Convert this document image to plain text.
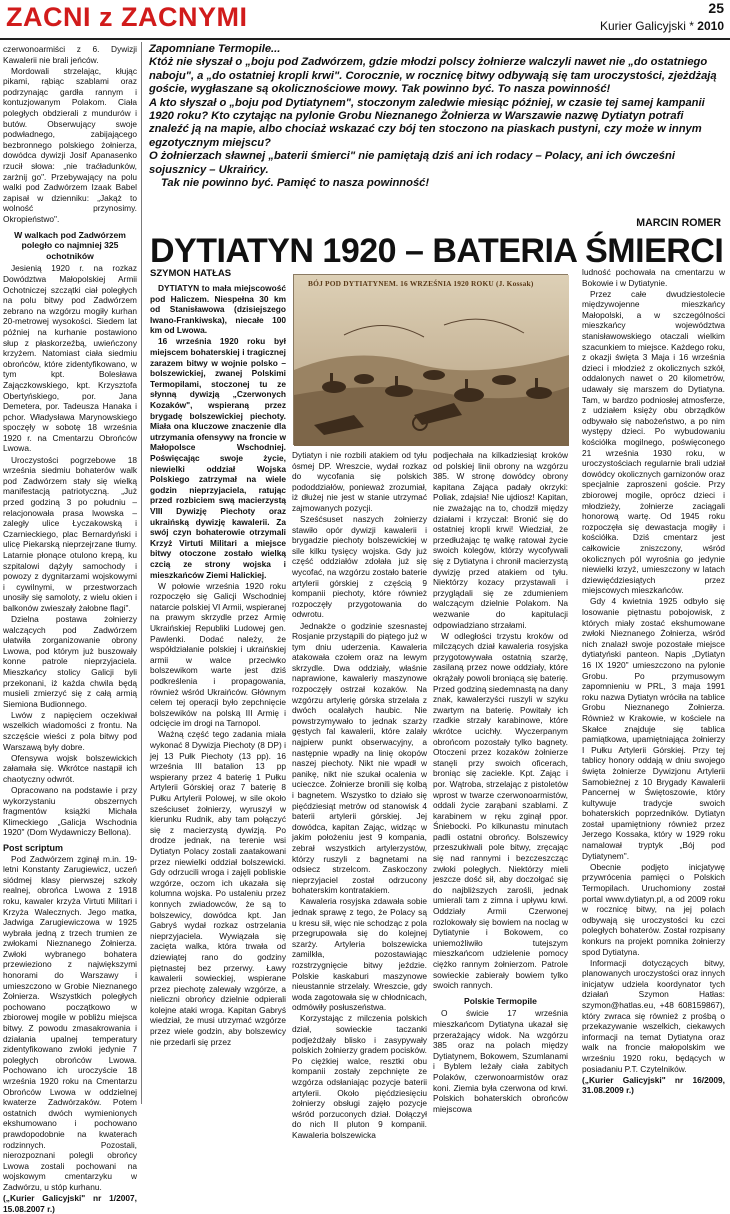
ZACNI z ZACNYMI	25
Kurier Galicyjski * 2010

czerwonoarmiści z 6. Dywizji Kawalerii nie brali jeńców.

Mordowali strzelając, kłując pikami, rąbiąc szablami oraz podrzynając gardła rannym i kontuzjowanym Polakom. Ciała poległych obdzierali z mundurów i butów. Obserwujący swoje podwładnego, zabijającego bezbronnego polskiego żołnierza, dowódca dywizji Josif Apanasenko rzucił słowa: „nie traćładunków, zarżnij go". Przebywający na polu walki pod Zadwórzem Izaak Babel zapisał w dzienniku: „Jakąż to wolność przynosimy. Okropieństwo".

W walkach pod Zadwórzem poległo co najmniej 325 ochotników

Jesienią 1920 r. na rozkaz Dowództwa Małopolskiej Armii Ochotniczej szczątki ciał poległych na polu bitwy pod Zadwórzem zebrano na wzgórzu mogiły kurhan 20-metrowej wysokości. Siedem lat później na kurhanie postawiono słup z płaskorzeźbą, uwieńczony krzyżem. Natomiast ciała siedmiu obrońców, które zidentyfikowano, w tym kpt. Bolesława Zajączkowskiego, kpt. Krzysztofa Obertyńskiego, por. Jana Demetera, por. Tadeusza Hanaka i pchor. Władysława Marynowskiego spoczęły w sobotę 18 września 1920 r. na Cmentarzu Obrońców Lwowa.

Uroczystości pogrzebowe 18 września siedmiu bohaterów walk pod Zadwórzem stały się wielką manifestacją patriotyczną. „Już przed godziną 3 po południu – relacjonowała prasa lwowska – zaległy ulice Łyczakowską i Czarnieckiego, plac Bernardyński i ulicę Piekarską nieprzejrzane tłumy. Latarnie płonące otulono krepą, ku szpitalowi dążyły samochody i powozy z dygnitarzami wojskowymi i cywilnymi, w przestworzach unosiły się samoloty, z wielu okien i balkonów zwieszały żałobne flagi".

Dzielna postawa żołnierzy walczących pod Zadwórzem ułatwiła zorganizowanie obrony Lwowa, pod którym już buszowały konne patrole nieprzyjaciela. Mieszkańcy stolicy Galicji byli przekonani, iż każda chwila będą musieli zmierzyć się z całą armią Siemiona Budionnego.

Lwów z napięciem oczekiwał wszelkich wiadomości z frontu. Na szczęście wieści z pola bitwy pod Warszawą były dobre.

Ofensywa wojsk bolszewickich załamała się. Wkrótce nastąpił ich chaotyczny odwrót.

Opracowano na podstawie i przy wykorzystaniu obszernych fragmentów książki Michała Klimeckiego „Galicja Wschodnia 1920" (Dom Wydawniczy Bellona).

Post scriptum

Pod Zadwórzem zginął m.in. 19-letni Konstanty Zarugiewicz, uczeń siódmej klasy pierwszej szkoły realnej, obrońca Lwowa z 1918 roku, kawaler krzyża Virtuti Militari i Krzyża Walecznych. Jego matka, Jadwiga Zarugiewiczowa w 1925 wybrała jedną z trzech trumien ze zwłokami Nieznanego Żołnierza. Zwłoki wybranego bohatera przewieziono z największymi honorami do Warszawy i umieszczono w Grobie Nieznanego Żołnierza. Wszystkich poległych pochowano początkowo w zbiorowej mogile w pobliżu miejsca bitwy. Z powodu zmasakrowania i działania upalnej temperatury zidentyfikowano zwłoki jedynie 7 poległych obrońców Lwowa. Pochowano ich uroczyście 18 września 1920 roku na Cmentarzu Obrońców Lwowa w oddzielnej kwaterze Zadwórzaków. Potem ostatnich dwóch wymienionych ekshumowano i pochowano prawdopodobnie na kwaterach rodzinnych. Pozostali, nierozpoznani polegli obrońcy Lwowa zostali pochowani na wojskowym cmentarzyku w Zadwórzu, u stóp kurhanu.

(„Kurier Galicyjski" nr 1/2007, 15.08.2007 r.)

Zapomniane Termopile...

Któż nie słyszał o „boju pod Zadwórzem, gdzie młodzi polscy żołnierze walczyli nawet nie „do ostatniego naboju", a „do ostatniej kropli krwi". Corocznie, w rocznicę bitwy odbywają się tam uroczystości, zjeżdżają goście, wygłaszane są okolicznościowe mowy. Tak powinno być. To nasza powinność!

A kto słyszał o „boju pod Dytiatynem", stoczonym zaledwie miesiąc później, w czasie tej samej kampanii 1920 roku? Kto czytając na pylonie Grobu Nieznanego Żołnierza w Warszawie nazwę Dytiatyn potrafi znaleźć ją na mapie, albo chociaż wskazać czy bój ten stoczono na piaskach pustyni, czy może w innym egzotycznym miejscu?

O żołnierzach sławnej „baterii śmierci" nie pamiętają dziś ani ich rodacy – Polacy, ani ich ówcześni sojusznicy – Ukraińcy.

Tak nie powinno być. Pamięć to nasza powinność!

MARCIN ROMER
DYTIATYN 1920 – BATERIA ŚMIERCI
SZYMON HATŁAS

DYTIATYN to mała miejscowość pod Haliczem. Niespełna 30 km od Stanisławowa (dzisiejszego Iwano-Frankiwska), niecałe 100 km od Lwowa.

16 września 1920 roku był miejscem bohaterskiej i tragicznej zarazem bitwy w wojnie polsko – bolszewickiej, zwanej Polskimi Termopilami, stoczonej tu ze słynną dywizją „Czerwonych Kozaków", wspieraną przez brygadę bolszewickiej piechoty. Miała ona kluczowe znaczenie dla utrzymania ofensywy na froncie w Małopolsce Wschodniej. Poświęcając swoje życie, niewielki oddział Wojska Polskiego zatrzymał na wiele godzin nieprzyjaciela, ratując przed rozbiciem swą macierzystą VIII Dywizję Piechoty oraz ukraińską dywizję kawalerii. Za swój czyn bohaterowie otrzymali Krzyż Virtuti Militari a miejsce bitwy otoczone zostało wielką czcią ze strony wojska i mieszkańców Ziemi Halickiej.

W połowie września 1920 roku rozpoczęło się Galicji Wschodniej natarcie polskiej VI Armii, wspieranej na prawym skrzydle przez Armię Ukraińskiej Republiki Ludowej gen. Pawlenki. Dodać należy, że współdziałanie polskiej i ukraińskiej armii w walce przeciwko bolszewikom warte jest dziś podkreślenia i propagowania, również wśród Ukraińców. Głównym celem tej operacji było zepchnięcie bolszewików na polską III Armię i odcięcie im drogi na Tarnopol.

Ważną część tego zadania miała wykonać 8 Dywizja Piechoty (8 DP) i jej 13 Pułk Piechoty (13 pp). 16 września III batalion 13 pp wspierany przez 4 baterię 1 Pułku Artylerii Górskiej oraz 7 baterię 8 Pułku Artylerii Polowej, w sile około sześciuset żołnierzy, wyruszył w kierunku Rudnik, aby tam połączyć się z macierzystą dywizją. Po drodze jednak, na terenie wsi Dytiatyn Polacy zostali zaatakowani przez niewielki oddział bolszewicki. Gdy odrzucili wroga i zajęli pobliskie wzgórze, oczom ich ukazała się kolumna wojska. Po ustaleniu przez konnych zwiadowców, że są to bolszewicy, dowódca kpt. Jan Gabryś wydał rozkaz ostrzelania nieprzyjaciela. Wywiązała się zacięta walka, która trwała od dziewiątej rano do godziny piętnastej bez przerwy. Ławy kawalerii sowieckiej, wspierane przez piechotę zalewały wzgórze, a nieliczni obrońcy dzielnie odpierali kolejne ataki wroga. Kapitan Gabryś wiedział, że musi utrzymać wzgórze przez wiele godzin, aby bolszewicy nie przedarli się przez

BÓJ POD DYTIATYNEM. 16 WRZEŚNIA 1920 ROKU (J. Kossak)

Dytiatyn i nie rozbili atakiem od tyłu ósmej DP. Wreszcie, wydał rozkaz do wycofania się polskich pododdziałów, ponieważ zrozumiał, iż dłużej nie jest w stanie utrzymać zajmowanych pozycji.

Sześćsuset naszych żołnierzy stawiło opór dywizji kawalerii i brygadzie piechoty bolszewickiej w sile kilku tysięcy wojska. Gdy już część oddziałów zdołała już się wycofać, na wzgórzu zostało baterie artylerii górskiej z częścią 9 kompanii piechoty, które również rozpoczęły przygotowania do odwrotu.

Jednakże o godzinie szesnastej Rosjanie przystąpili do piątego już w tym dniu uderzenia. Kawaleria atakowała czołem oraz na lewym skrzydle. Dwa oddziały, właśnie naprawione, kawaleriy maszynowe rozpoczęły ostrzał kozaków. Na wzgórzu artylerię górska strzelała z dwóch ocalałych haubic. Nie powstrzymywało to jednak szarży gęstych fal kawalerii, które zalały najpierw punkt obserwacyjny, a następnie wpadły na linię okopów naszej piechoty. Nikt nie wpadł w panikę, nikt nie szukał ocalenia w ucieczce. Żołnierze bronili się kolbą i bagnetem. Wszystko to działo się pięćdziesiąt metrów od stanowisk 4 baterii artylerii górskiej. Jej dowódca, kapitan Zając, widząc w jakim położeniu jest 9 kompania, zebrał wszystkich artylerzystów, którzy ruszyli z bagnetami na odsiecz strzelcom. Zaskoczony nieprzyjaciel został odrzucony bohaterskim kontratakiem.

Kawaleria rosyjska zdawała sobie jednak sprawę z tego, że Polacy są u kresu sił, więc nie schodząc z pola przegrupowała się do kolejnej szarży. Artyleria bolszewicka zamilkła, pozostawiając rozstrzygnięcie bitwy jeździe. Polskie kaskaburi maszynowe nieustannie strzelały. Wreszcie, gdy woda zagotowała się w chłodnicach, odmówiły posłuszeństwa.

Korzystając z milczenia polskich dział, sowieckie taczanki podjeżdżały blisko i zasypywały polskich żołnierzy gradem pocisków. Po ciężkiej walce, resztki obu kompanii zostały zepchnięte ze wzgórza odsłaniając pozycje baterii artylerii. Około pięćdziesięciu żołnierzy obsługi zajęło pozycje wśród porzuconych dział. Dołączył do nich II pluton 9 kompanii. Kawaleria bolszewicka

podjechała na kilkadziesiąt kroków od polskiej linii obrony na wzgórzu 385. W stronę dowódcy obrony kapitana Zająca padały okrzyki: Poliak, zdajsia! Nie ujdiosz! Kapitan, nie zważając na to, chodził między działami i krzyczał: Bronić się do ostatniej kropli krwi! Wiedział, że przedłużając tę walkę ratował życie swoich kolegów, którzy wycofywali się z Dytiatyna i chronił macierzystą dywizję przed atakiem od tyłu. Niektórzy kozacy przystawali i przyglądali się ze zdumieniem walczącym dzielnie Polakom. Na wezwanie do kapitulacji odpowiadziano strzałami.

W odległości trzystu kroków od milczących dział kawaleria rosyjska przygotowywała ostatnią szarżę, zasilaną przez nowe oddziały, które okrążały powoli broniącą się baterię. Przed godziną siedemnastą na dany znak, kawalerzyści ruszyli w szyku zwartym na baterię. Powitały ich rzadkie strzały karabinowe, które wkrótce ucichły. Wyczerpanym obrońcom pozostały tylko bagnety. Otoczeni przez kozaków żołnierze stanęli przy swoich oficerach, broniąc się zaciekle. Kpt. Zając i por. Wątroba, strzelając z pistoletów wprost w twarze czerwonoarmistów, oddali życie zarąbani szablami. Z karabinem w ręku zginął ppor. Śniebocki. Po kilkunastu minutach padli ostatni obrońcy. Bolszewicy przeszukiwali pole bitwy, zręcając się nad rannymi i bezczeszcząc zwłoki poległych. Niektórzy mieli jeszcze dość sił, aby doczołgać się do najbliższych zarośli, jednak umierali tam z zimna i upływu krwi. Oddziały Armii Czerwonej rozlokowały się bowiem na noclag w Dytiatynie i Bokowem, co uniemożliwiło tutejszym mieszkańcom udzielenie pomocy ciężko rannym żołnierzom. Patrole sowieckie zabierały bowiem tylko swoich rannych.

Polskie Termopile

O świcie 17 września mieszkańcom Dytiatyna ukazał się przerażający widok. Na wzgórzu 385 oraz na polach między Dytiatynem, Bokowem, Szumlanami i Byblem leżały ciała zabitych Polaków, czerwonoarmistów oraz koni. Ziemia była czerwona od krwi. Polskich bohaterskich obrońców miejscowa

ludność pochowała na cmentarzu w Bokowie i w Dytiatynie.

Przez całe dwudziestolecie międzywojenne mieszkańcy Małopolski, a w szczególności mieszkańcy województwa stanisławowskiego otaczali wielkim szacunkiem to miejsce. Każdego roku, z okazji święta 3 Maja i 16 września dzieci i młodzież z okolicznych szkół, oddalonych nawet o 20 kilometrów, udawały się marszem do Dytiatyna. Tam, w bardzo podniosłej atmosferze, z udziałem księży obu obrządków odbywało się nabożeństwo, a po nim występy dzieci. Po wybudowaniu kościółka mogilnego, poświęconego 21 września 1930 roku, w uroczystościach regularnie brali udział dowódcy okolicznych garnizonów oraz specjalnie zaproszeni goście. Przy zbiorowej mogile, oprócz dzieci i młodzieży, żołnierze zaciągali honorową wartę. Od 1945 roku rozpoczęła się dewastacja mogiły i kościółka. Dziś cmentarz jest całkowicie zniszczony, wśród okolicznych pól wyrośnia go jedynie niewielki krzyż, umieszczony w latach dziewięćdziesiątych przez miejscowych mieszkańców.

Gdy 4 kwietnia 1925 odbyło się losowanie piętnastu pobojowisk, z których miały zostać ekshumowane zwłoki Nieznanego Żołnierza, wśród nich znalazł swoje pozostałe miejsce dytiatyński panteon. Napis „Dytiatyn 16 IX 1920" umieszczono na pylonie Grobu. Po przymusowym zapomnieniu w PRL, 3 maja 1991 roku nazwa Dytiatyn wróciła na tablice Grobu Nieznanego Żołnierza. Również w Krakowie, w kościele na Skałce znajduje się tablica pamiątkowa, upamiętniająca żołnierzy I Pułku Artylerii Górskiej. Przy tej tablicy honory oddają w dniu swojego święta żołnierze Dywizjonu Artylerii Samobieżnej z 10 Brygady Kawalerii Pancernej w Świętoszowie, który kultywuje tradycje swoich bohaterskich poprzedników. Dytiatyn został upamiętniony również przez Jerzego Kossaka, który w 1929 roku namalował tryptyk „Bój pod Dytiatynem".

Obecnie podjęto inicjatywę przywrócenia pamięci o Polskich Termopilach. Uruchomiony został portal www.dytiatyn.pl, a od 2009 roku w rocznicę bitwy, na jej polach odbywają się uroczystości ku czci poległych bohaterów. Został rozpisany konkurs na projekt pomnika żołnierzy spod Dytiatyna.

Informacji dotyczących bitwy, planowanych uroczystości oraz innych inicjatyw udziela koordynator tych działań Szymon Hatłas: szymon@hatlas.eu, +48 608159867), który zwraca się również z prośbą o przekazywanie wszelkich, ciekawych informacji na temat Dytiatyna oraz walk na froncie małopolskim we wrześniu 1920 roku, będących w posiadaniu P.T. Czytelników.

(„Kurier Galicyjski" nr 16/2009, 31.08.2009 r.)
